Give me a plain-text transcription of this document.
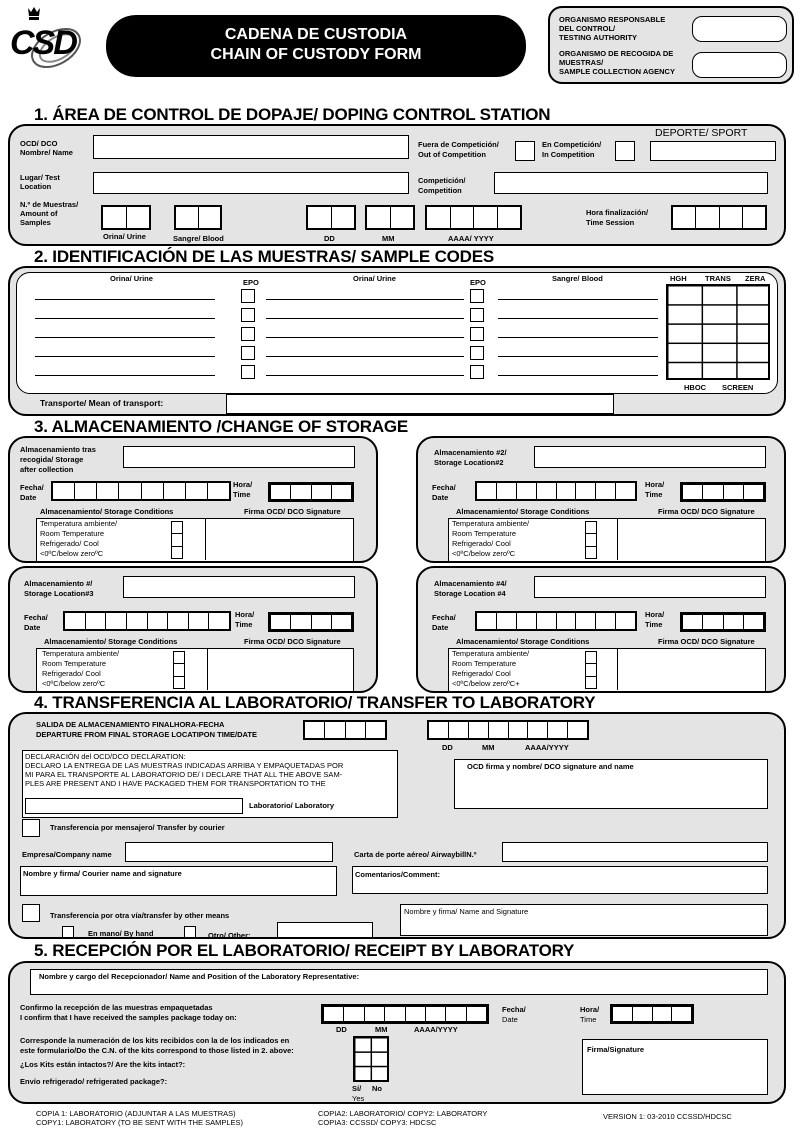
CSD	CADENA DE CUSTODIA
CHAIN OF CUSTODY FORM
ORGANISMO RESPONSABLE
DEL CONTROL/
TESTING AUTHORITY
ORGANISMO DE RECOGIDA DE
MUESTRAS/
SAMPLE COLLECTION AGENCY
1. ÁREA DE CONTROL DE DOPAJE/ DOPING CONTROL STATION
OCD/ DCO
Nombre/ Name
Fuera de Competición/
Out of Competition
En Competición/
In Competition
DEPORTE/ SPORT
Lugar/ Test
Location
Competición/
Competition
N.º de Muestras/
Amount of
Samples
Orina/ Urine	Sangre/ Blood	DD	MM	AAAA/ YYYY
Hora finalización/
Time Session
2. IDENTIFICACIÓN DE LAS MUESTRAS/ SAMPLE CODES
Orina/ Urine	EPO	Orina/ Urine	EPO	Sangre/ Blood	HGH TRANS ZERA
HBOC SCREEN
Transporte/ Mean of transport:
3. ALMACENAMIENTO /CHANGE OF STORAGE
Almacenamiento tras
recogida/ Storage
after collection
Fecha/
Date
Hora/
Time
Almacenamiento/ Storage Conditions	Firma OCD/ DCO Signature
Temperatura ambiente/
Room Temperature
Refrigerado/ Cool
<0ºC/below zeroºC
Almacenamiento #2/
Storage Location#2
Fecha/
Date
Hora/
Time
Almacenamiento/ Storage Conditions	Firma OCD/ DCO Signature
Temperatura ambiente/
Room Temperature
Refrigerado/ Cool
<0ºC/below zeroºC
Almacenamiento #/
Storage Location#3
Fecha/
Date
Hora/
Time
Almacenamiento/ Storage Conditions	Firma OCD/ DCO Signature
Temperatura ambiente/
Room Temperature
Refrigerado/ Cool
<0ºC/below zeroºC
Almacenamiento #4/
Storage Location #4
Fecha/
Date
Hora/
Time
Almacenamiento/ Storage Conditions	Firma OCD/ DCO Signature
Temperatura ambiente/
Room Temperature
Refrigerado/ Cool
<0ºC/below zeroºC+
4. TRANSFERENCIA AL LABORATORIO/ TRANSFER TO LABORATORY
SALIDA DE ALMACENAMIENTO FINALHORA-FECHA
DEPARTURE FROM FINAL STORAGE LOCATIPON TIME/DATE
DD	MM	AAAA/YYYY
DECLARACIÓN del OCD/DCO DECLARATION:
DECLARO LA ENTREGA DE LAS MUESTRAS INDICADAS ARRIBA Y EMPAQUETADAS POR
MI PARA EL TRANSPORTE AL LABORATORIO DE/ I DECLARE THAT ALL THE ABOVE SAM-
PLES ARE PRESENT AND I HAVE PACKAGED THEM FOR TRANSPORTATION TO THE
Laboratorio/ Laboratory
OCD firma y nombre/ DCO signature and name
Transferencia por mensajero/ Transfer by courier
Empresa/Company name	Carta de porte aéreo/ AirwaybillN.º
Nombre y firma/ Courier name and signature	Comentarios/Comment:
Transferencia por otra vía/transfer by other means	Nombre y firma/ Name and Signature
En mano/ By hand	Otro/ Other:
5. RECEPCIÓN POR EL LABORATORIO/ RECEIPT BY LABORATORY
Nombre y cargo del Recepcionador/ Name and Position of the Laboratory Representative:
Confirmo la recepción de las muestras empaquetadas
I confirm that I have received the samples package today on:
DD	MM	AAAA/YYYY
Fecha/
Date
Hora/
Time
Corresponde la numeración de los kits recibidos con la de los indicados en
este formulario/Do the C.N. of the kits correspond to those listed in 2. above:
¿Los Kits están intactos?/ Are the kits intact?:
Envío refrigerado/ refrigerated package?:
Sí/ No
Yes
Firma/Signature
COPIA 1: LABORATORIO (ADJUNTAR A LAS MUESTRAS)
COPY1: LABORATORY (TO BE SENT WITH THE SAMPLES)
COPIA2: LABORATORIO/ COPY2: LABORATORY
COPIA3: CCSSD/ COPY3: HDCSC
VERSION 1: 03-2010 CCSSD/HDCSC
